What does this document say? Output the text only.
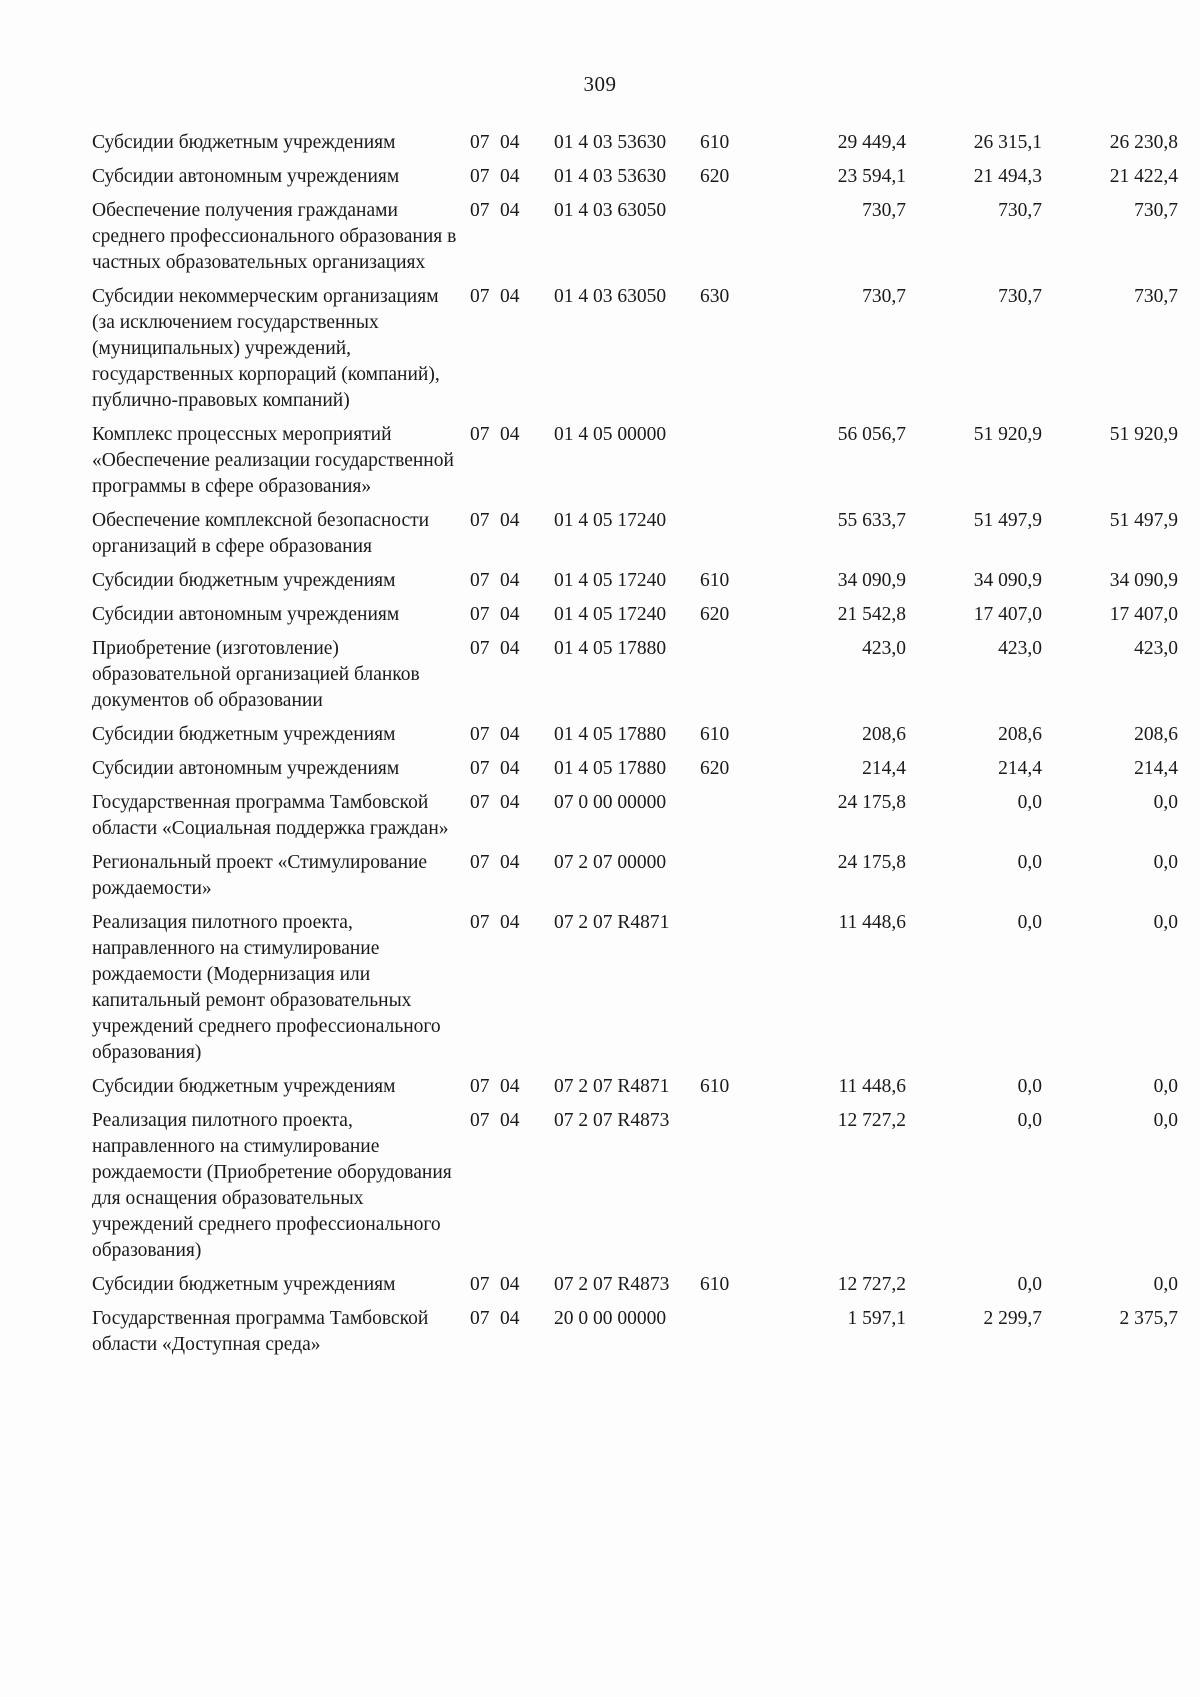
309
Субсидии бюджетным учреждениям	07 04	01 4 03 53630	610	29 449,4	26 315,1	26 230,8
Субсидии автономным учреждениям	07 04	01 4 03 53630	620	23 594,1	21 494,3	21 422,4
Обеспечение получения гражданами среднего профессионального образования в частных образовательных организациях	07 04	01 4 03 63050		730,7	730,7	730,7
Субсидии некоммерческим организациям (за исключением государственных (муниципальных) учреждений, государственных корпораций (компаний), публично-правовых компаний)	07 04	01 4 03 63050	630	730,7	730,7	730,7
Комплекс процессных мероприятий «Обеспечение реализации государственной программы в сфере образования»	07 04	01 4 05 00000		56 056,7	51 920,9	51 920,9
Обеспечение комплексной безопасности организаций в сфере образования	07 04	01 4 05 17240		55 633,7	51 497,9	51 497,9
Субсидии бюджетным учреждениям	07 04	01 4 05 17240	610	34 090,9	34 090,9	34 090,9
Субсидии автономным учреждениям	07 04	01 4 05 17240	620	21 542,8	17 407,0	17 407,0
Приобретение (изготовление) образовательной организацией бланков документов об образовании	07 04	01 4 05 17880		423,0	423,0	423,0
Субсидии бюджетным учреждениям	07 04	01 4 05 17880	610	208,6	208,6	208,6
Субсидии автономным учреждениям	07 04	01 4 05 17880	620	214,4	214,4	214,4
Государственная программа Тамбовской области «Социальная поддержка граждан»	07 04	07 0 00 00000		24 175,8	0,0	0,0
Региональный проект «Стимулирование рождаемости»	07 04	07 2 07 00000		24 175,8	0,0	0,0
Реализация пилотного проекта, направленного на стимулирование рождаемости (Модернизация или капитальный ремонт образовательных учреждений среднего профессионального образования)	07 04	07 2 07 R4871		11 448,6	0,0	0,0
Субсидии бюджетным учреждениям	07 04	07 2 07 R4871	610	11 448,6	0,0	0,0
Реализация пилотного проекта, направленного на стимулирование рождаемости (Приобретение оборудования для оснащения образовательных учреждений среднего профессионального образования)	07 04	07 2 07 R4873		12 727,2	0,0	0,0
Субсидии бюджетным учреждениям	07 04	07 2 07 R4873	610	12 727,2	0,0	0,0
Государственная программа Тамбовской области «Доступная среда»	07 04	20 0 00 00000		1 597,1	2 299,7	2 375,7
